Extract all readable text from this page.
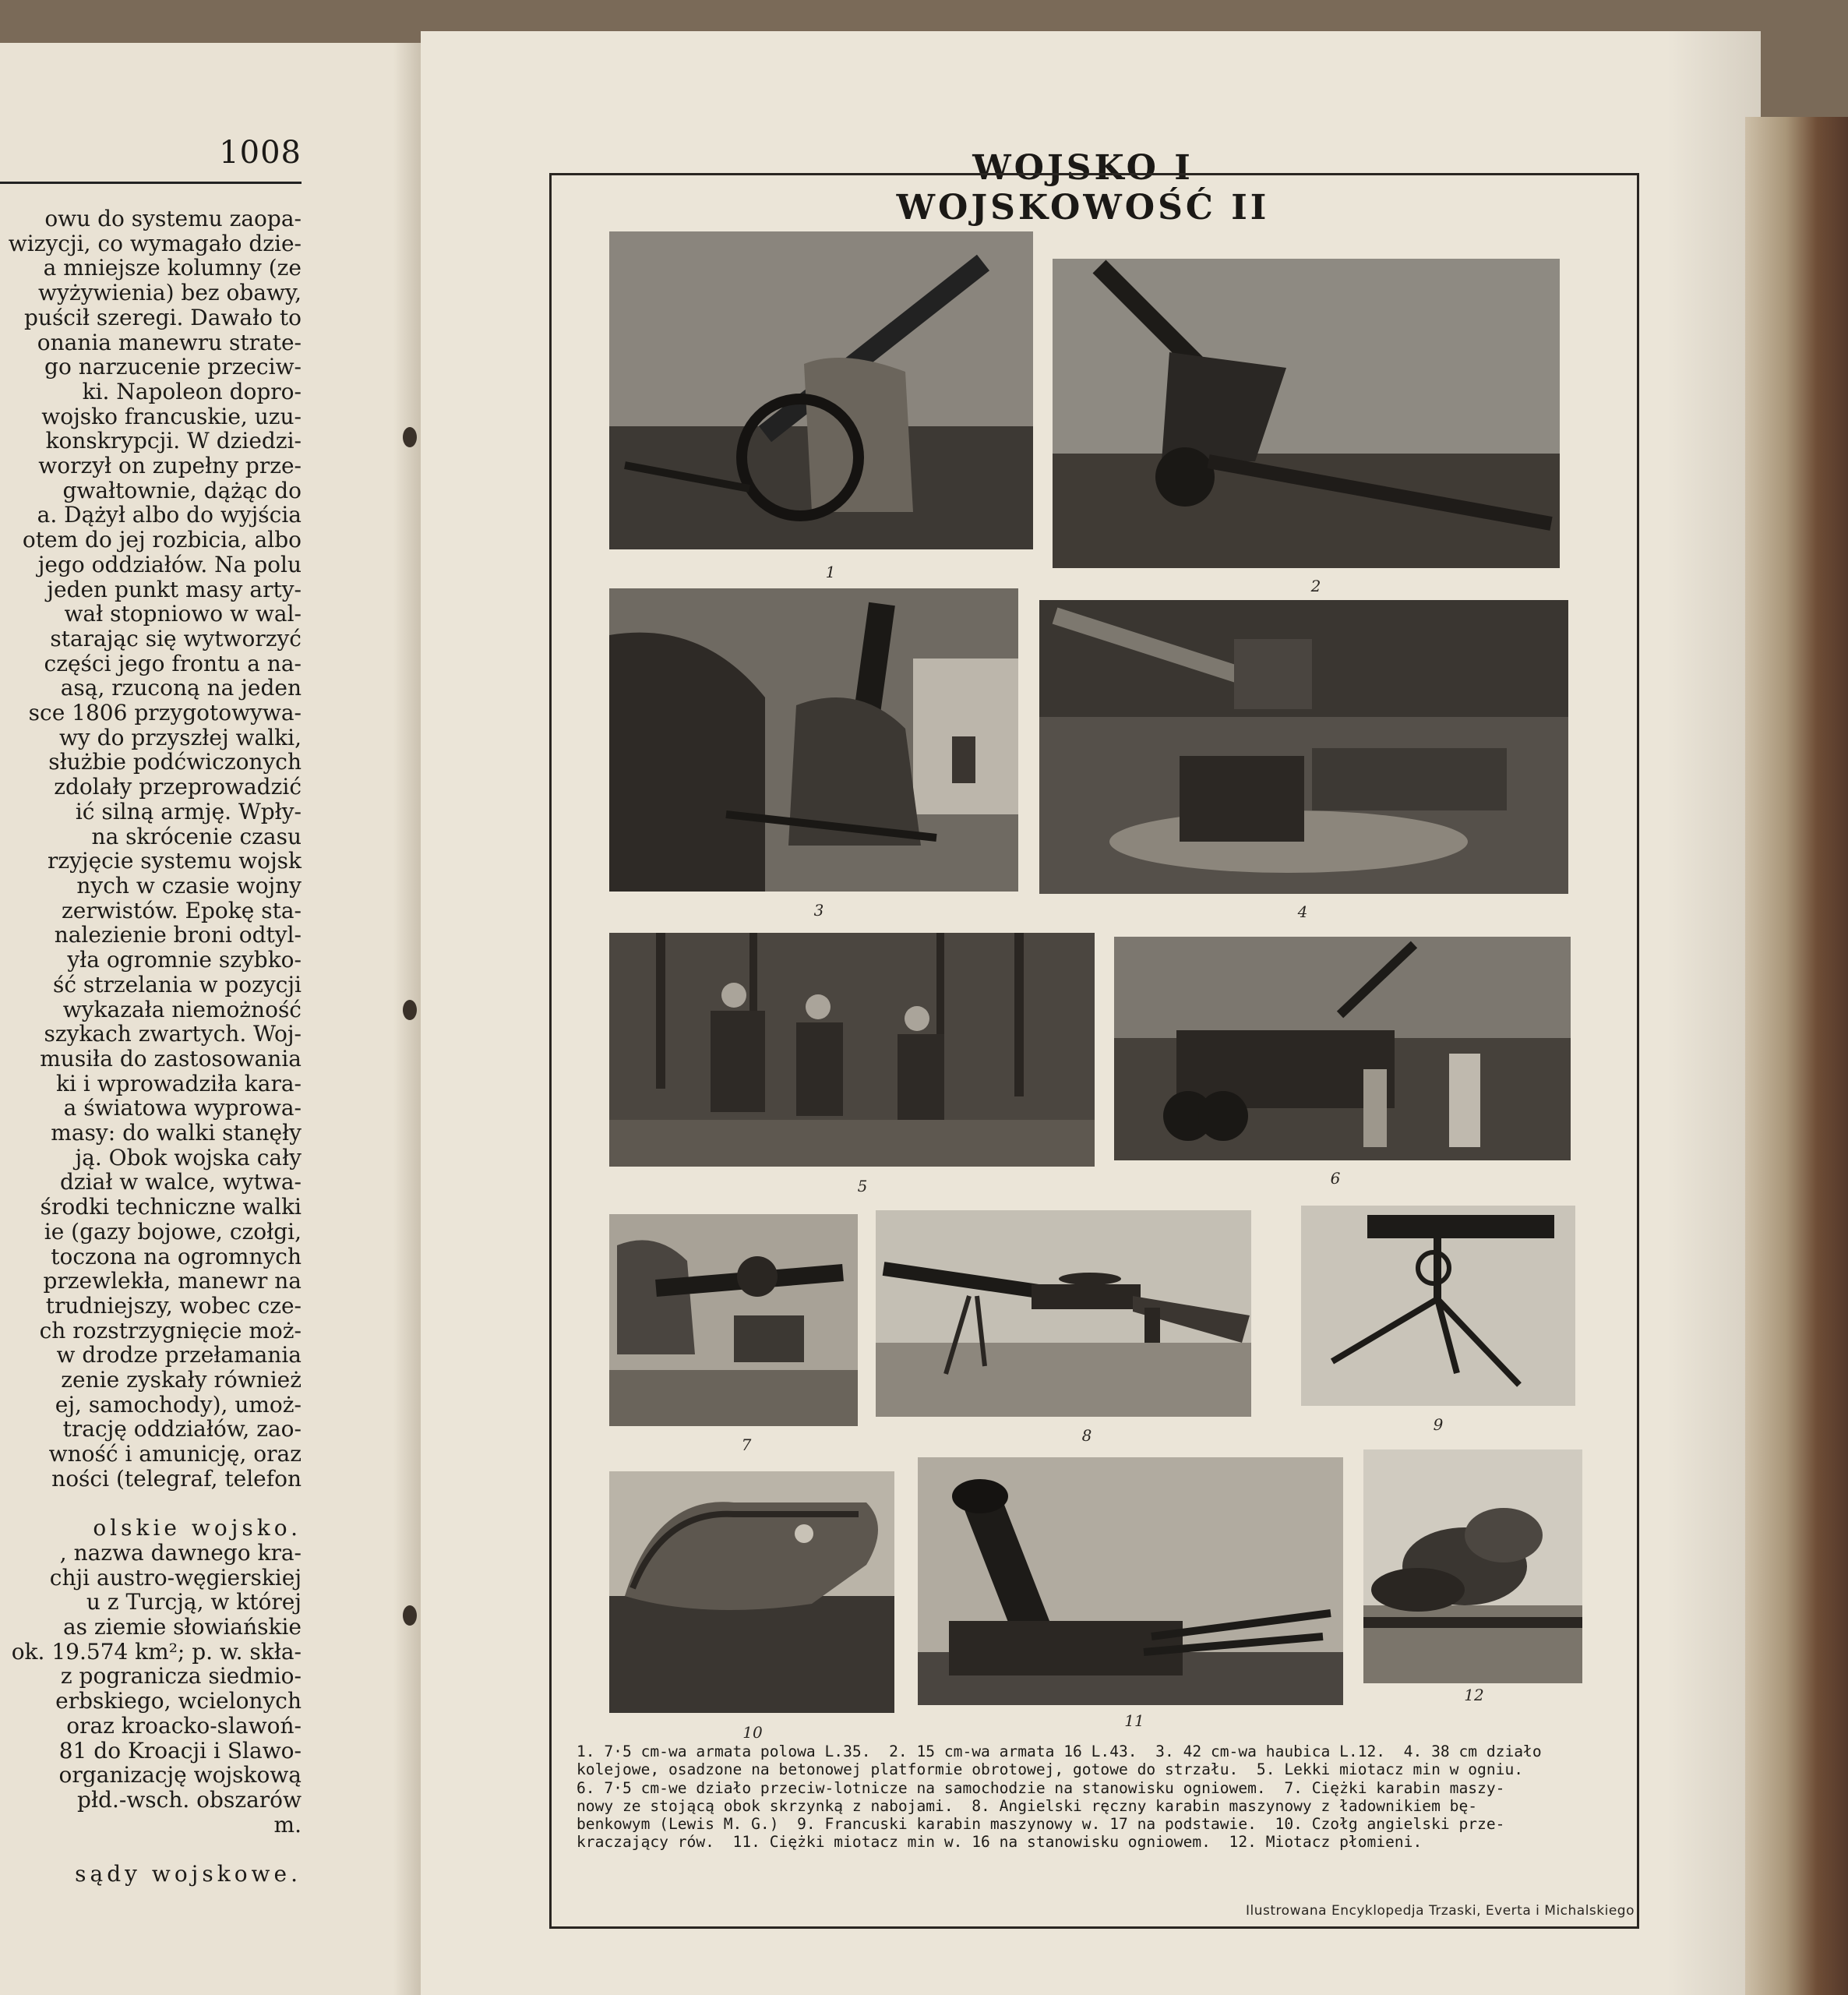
1008
owu do systemu zaopa-
wizycji, co wymagało dzie-
a mniejsze kolumny (ze
wyżywienia) bez obawy,
puścił szeregi. Dawało to
onania manewru strate-
go narzucenie przeciw-
ki. Napoleon dopro-
wojsko francuskie, uzu-
konskrypcji. W dziedzi-
worzył on zupełny prze-
gwałtownie, dążąc do
a. Dążył albo do wyjścia
otem do jej rozbicia, albo
jego oddziałów. Na polu
jeden punkt masy arty-
wał stopniowo w wal-
starając się wytworzyć
części jego frontu a na-
asą, rzuconą na jeden
sce 1806 przygotowywa-
wy do przyszłej walki,
służbie podćwiczonych
zdolały przeprowadzić
ić silną armję. Wpły-
na skrócenie czasu
rzyjęcie systemu wojsk
nych w czasie wojny
zerwistów. Epokę sta-
nalezienie broni odtyl-
yła ogromnie szybko-
ść strzelania w pozycji
wykazała niemożność
szykach zwartych. Woj-
musiła do zastosowania
ki i wprowadziła kara-
a światowa wyprowa-
masy: do walki stanęły
ją. Obok wojska cały
dział w walce, wytwa-
środki techniczne walki
ie (gazy bojowe, czołgi,
toczona na ogromnych
przewlekła, manewr na
trudniejszy, wobec cze-
ch rozstrzygnięcie moż-
w drodze przełamania
zenie zyskały również
ej, samochody), umoż-
trację oddziałów, zao-
wność i amunicję, oraz
ności (telegraf, telefon
olskie wojsko.
, nazwa dawnego kra-
chji austro-węgierskiej
u z Turcją, w której
as ziemie słowiańskie
ok. 19.574 km²; p. w. skła-
z pogranicza siedmio-
erbskiego, wcielonych
oraz kroacko-slawoń-
81 do Kroacji i Slawo-
organizację wojskową
płd.-wsch. obszarów
m.
sądy wojskowe.
WOJSKO I WOJSKOWOŚĆ II
1
2
3	4
5	6
7	8
9
10
11
12
1. 7·5 cm-wa armata polowa L.35.  2. 15 cm-wa armata 16 L.43.  3. 42 cm-wa haubica L.12.  4. 38 cm działo
kolejowe, osadzone na betonowej platformie obrotowej, gotowe do strzału.  5. Lekki miotacz min w ogniu.
6. 7·5 cm-we działo przeciw-lotnicze na samochodzie na stanowisku ogniowem.  7. Ciężki karabin maszy-
nowy ze stojącą obok skrzynką z nabojami.  8. Angielski ręczny karabin maszynowy z ładownikiem bę-
benkowym (Lewis M. G.)  9. Francuski karabin maszynowy w. 17 na podstawie.  10. Czołg angielski prze-
kraczający rów.  11. Ciężki miotacz min w. 16 na stanowisku ogniowem.  12. Miotacz płomieni.
Ilustrowana Encyklopedja Trzaski, Everta i Michalskiego
